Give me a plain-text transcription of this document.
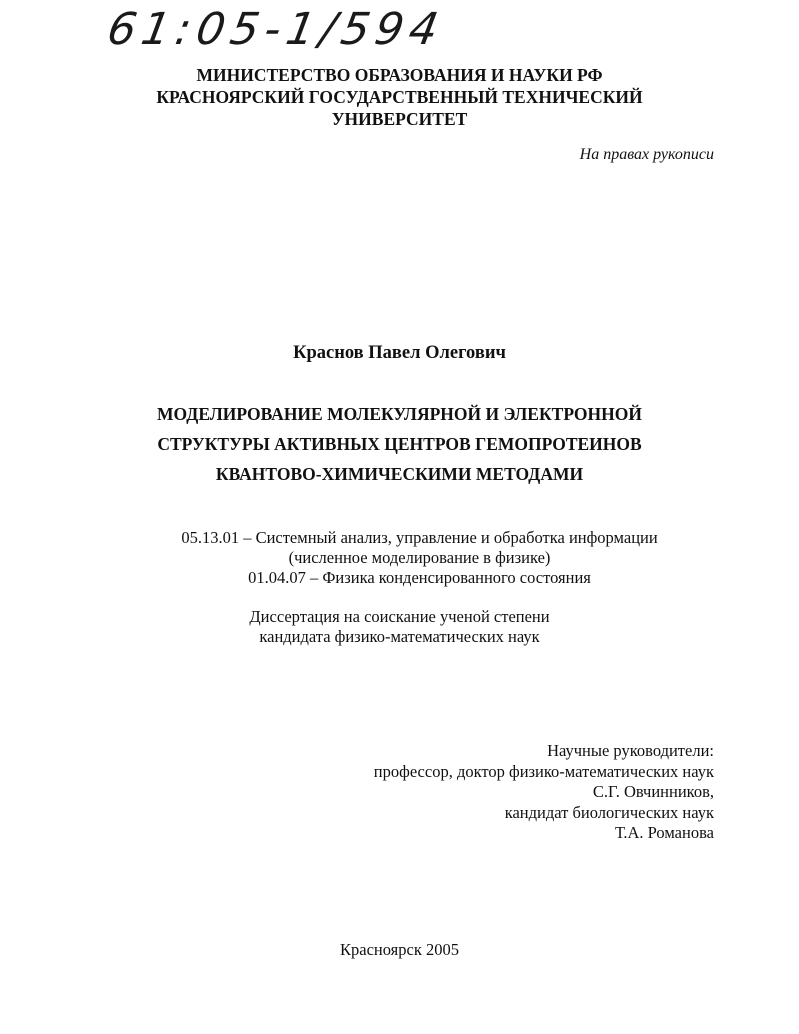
61:05-1/594
МИНИСТЕРСТВО ОБРАЗОВАНИЯ И НАУКИ РФ
КРАСНОЯРСКИЙ ГОСУДАРСТВЕННЫЙ ТЕХНИЧЕСКИЙ
УНИВЕРСИТЕТ
На правах рукописи
Краснов Павел Олегович
МОДЕЛИРОВАНИЕ МОЛЕКУЛЯРНОЙ И ЭЛЕКТРОННОЙ
СТРУКТУРЫ АКТИВНЫХ ЦЕНТРОВ ГЕМОПРОТЕИНОВ
КВАНТОВО-ХИМИЧЕСКИМИ МЕТОДАМИ
05.13.01 – Системный анализ, управление и обработка информации
(численное моделирование в физике)
01.04.07 – Физика конденсированного состояния
Диссертация на соискание ученой степени
кандидата физико-математических наук
Научные руководители:
профессор, доктор физико-математических наук
С.Г. Овчинников,
кандидат биологических наук
Т.А. Романова
Красноярск 2005
